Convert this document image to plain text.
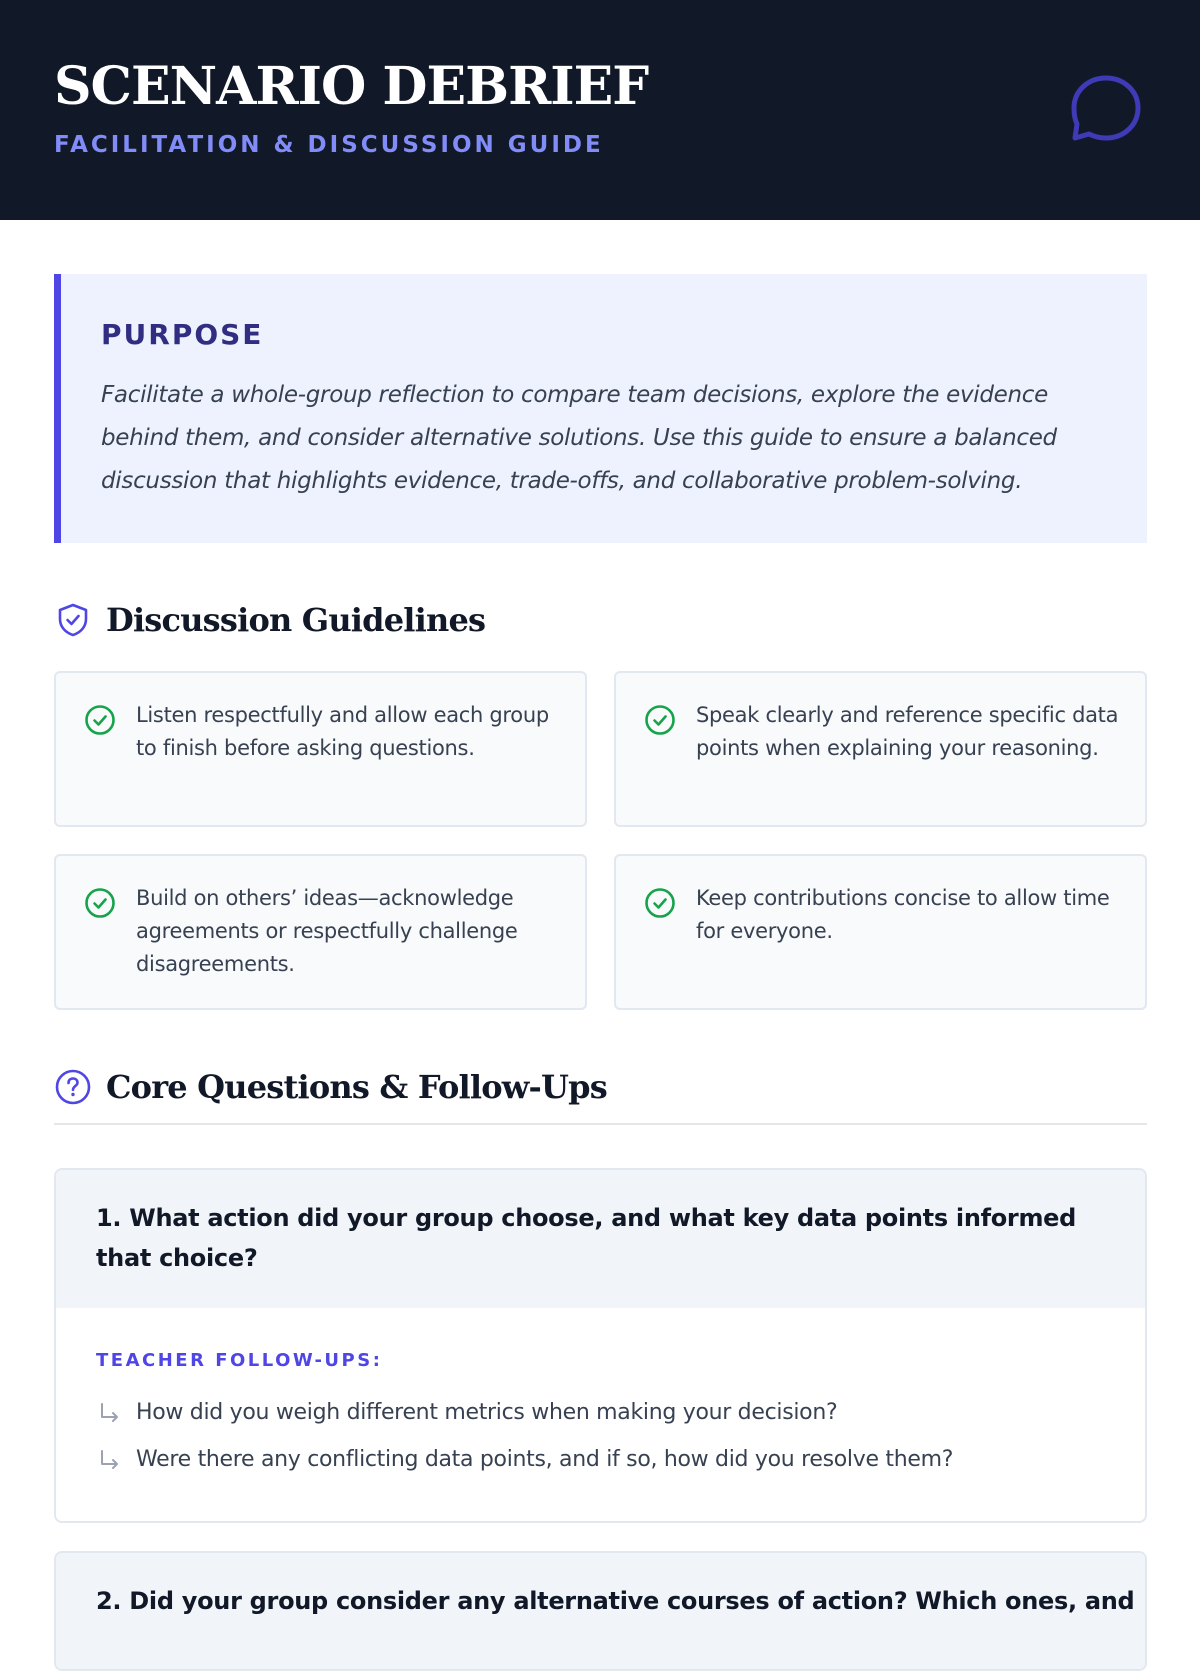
SCENARIO DEBRIEF
FACILITATION & DISCUSSION GUIDE
PURPOSE
Facilitate a whole-group reflection to compare team decisions, explore the evidence behind them, and consider alternative solutions. Use this guide to ensure a balanced discussion that highlights evidence, trade-offs, and collaborative problem-solving.
Discussion Guidelines
Listen respectfully and allow each group to finish before asking questions.
Speak clearly and reference specific data points when explaining your reasoning.
Build on others’ ideas—acknowledge agreements or respectfully challenge disagreements.
Keep contributions concise to allow time for everyone.
Core Questions & Follow-Ups
1. What action did your group choose, and what key data points informed that choice?
TEACHER FOLLOW-UPS:
How did you weigh different metrics when making your decision?
Were there any conflicting data points, and if so, how did you resolve them?
2. Did your group consider any alternative courses of action? Which ones, and
